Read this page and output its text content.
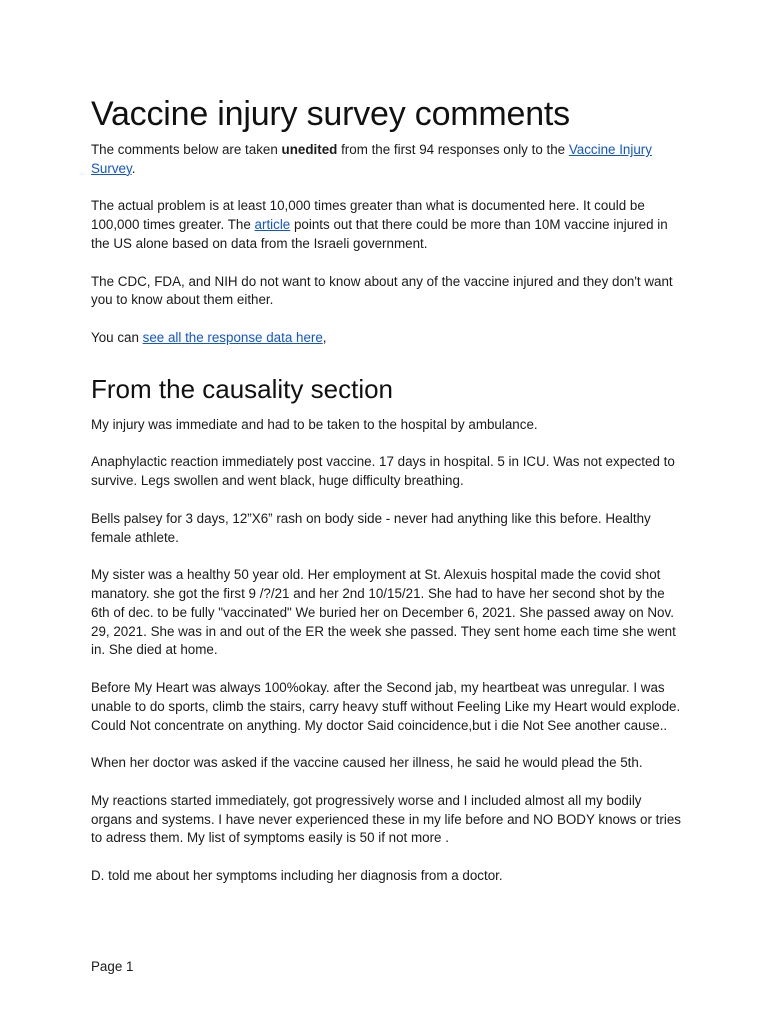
Vaccine injury survey comments

The comments below are taken unedited from the first 94 responses only to the Vaccine Injury Survey.

The actual problem is at least 10,000 times greater than what is documented here. It could be 100,000 times greater. The article points out that there could be more than 10M vaccine injured in the US alone based on data from the Israeli government.

The CDC, FDA, and NIH do not want to know about any of the vaccine injured and they don't want you to know about them either.

You can see all the response data here,

From the causality section

My injury was immediate and had to be taken to the hospital by ambulance.

Anaphylactic reaction immediately post vaccine. 17 days in hospital. 5 in ICU. Was not expected to survive. Legs swollen and went black, huge difficulty breathing.

Bells palsey for 3 days, 12”X6” rash on body side - never had anything like this before. Healthy female athlete.

My sister was a healthy 50 year old. Her employment at St. Alexuis hospital made the covid shot manatory. she got the first 9 /?/21 and her 2nd 10/15/21. She had to have her second shot by the 6th of dec. to be fully "vaccinated" We buried her on December 6, 2021. She passed away on Nov. 29, 2021. She was in and out of the ER the week she passed. They sent home each time she went in. She died at home.

Before My Heart was always 100%okay. after the Second jab, my heartbeat was unregular. I was unable to do sports, climb the stairs, carry heavy stuff without Feeling Like my Heart would explode. Could Not concentrate on anything. My doctor Said coincidence,but i die Not See another cause..

When her doctor was asked if the vaccine caused her illness, he said he would plead the 5th.

My reactions started immediately, got progressively worse and I included almost all my bodily organs and systems. I have never experienced these in my life before and NO BODY knows or tries to adress them. My list of symptoms easily is 50 if not more .

D. told me about her symptoms including her diagnosis from a doctor.

Page 1
